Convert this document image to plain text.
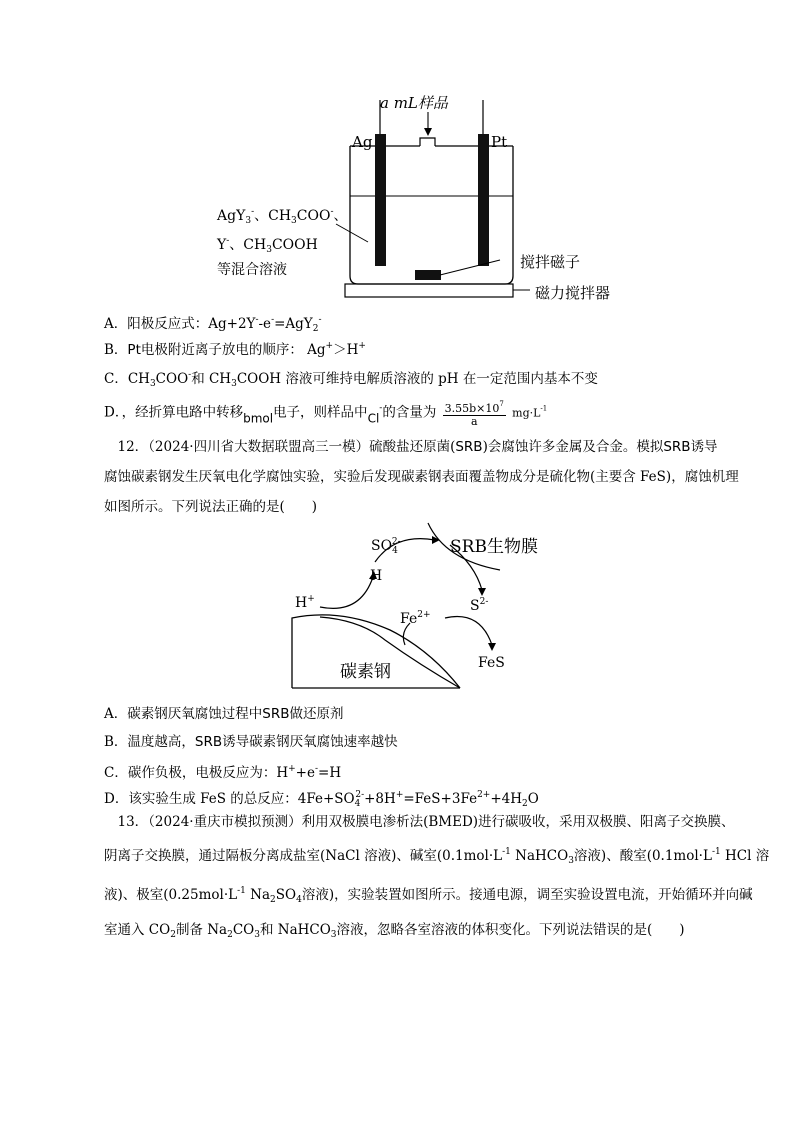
a mL样品
Ag	Pt
AgY$_3$-、$CH_3COO^-$、
Y-、$CH_3COOH$
等混合溶液	搅拌磁子
磁力搅拌器
A．阳极反应式：Ag+2Y--e-=AgY$_2$-
B．Pt电极附近离子放电的顺序： Ag+＞H+
C．$CH_3COO^-$和 $CH_3COOH$ 溶液可维持电解质溶液的 pH 在一定范围内基本不变
D．，经折算电路中转移bmol电子，则样品中Cl-的含量为 $\frac{3.55b\times 10^7}{a} mg\cdot L^{-1}$
　12．（2024·四川省大数据联盟高三一模）硫酸盐还原菌(SRB)会腐蚀许多金属及合金。模拟SRB诱导
腐蚀碳素钢发生厌氧电化学腐蚀实验，实验后发现碳素钢表面覆盖物成分是硫化物(主要含 FeS)，腐蚀机理
如图所示。下列说法正确的是(　　)
$SO_4^{2-}$	SRB生物膜
H
H+
$Fe^{2+}$
$S^{2-}$
FeS
碳素钢
A．碳素钢厌氧腐蚀过程中SRB做还原剂
B．温度越高，SRB诱导碳素钢厌氧腐蚀速率越快
C．碳作负极，电极反应为：H++e-=H
D．该实验生成 FeS 的总反应：$4Fe+SO_4^{2-}+8H^+=FeS+3Fe^{2+}+4H_2O$
　13．（2024·重庆市模拟预测）利用双极膜电渗析法(BMED)进行碳吸收，采用双极膜、阳离子交换膜、
阴离子交换膜，通过隔板分离成盐室(NaCl 溶液)、碱室($0.1mol\cdot L^{-1}$ NaHCO$_3$溶液)、酸室($0.1mol\cdot L^{-1}$ HCl 溶
液)、极室($0.25mol\cdot L^{-1}$ $Na_2SO_4$溶液)，实验装置如图所示。接通电源，调至实验设置电流，开始循环并向碱
室通入 $CO_2$制备 $Na_2CO_3$和 NaHCO$_3$溶液，忽略各室溶液的体积变化。下列说法错误的是(　　)
